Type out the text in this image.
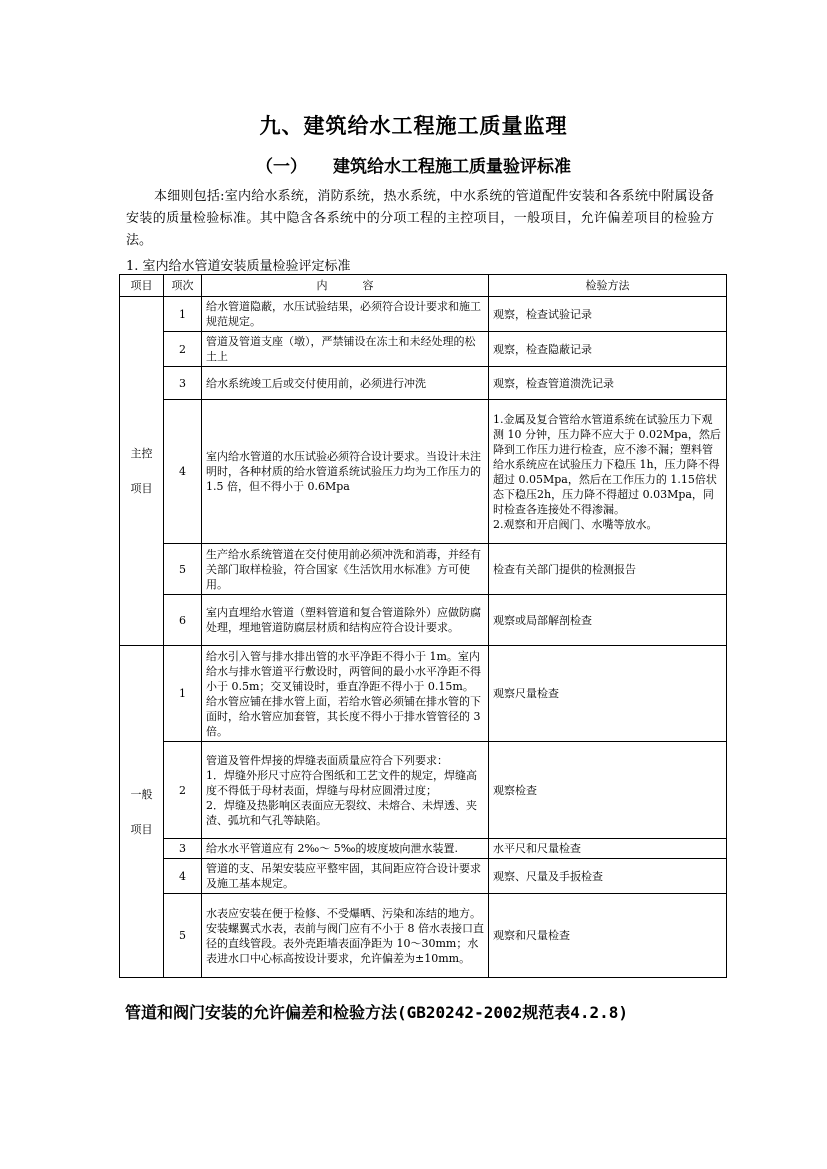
九、建筑给水工程施工质量监理
（一） 建筑给水工程施工质量验评标准
本细则包括:室内给水系统，消防系统，热水系统，中水系统的管道配件安装和各系统中附属设备安装的质量检验标准。其中隐含各系统中的分项工程的主控项目，一般项目，允许偏差项目的检验方法。
1. 室内给水管道安装质量检验评定标准
项目	项次	内          容	检验方法

主控
项目	1	给水管道隐蔽，水压试验结果，必须符合设计要求和施工规范规定。	观察，检查试验记录
	2	管道及管道支座（墩），严禁铺设在冻土和未经处理的松土上	观察，检查隐蔽记录
	3	给水系统竣工后或交付使用前，必须进行冲洗	观察，检查管道溃洗记录
	4	室内给水管道的水压试验必须符合设计要求。当设计未注明时，各种材质的给水管道系统试验压力均为工作压力的 1.5 倍，但不得小于 0.6Mpa	1.金属及复合管给水管道系统在试验压力下观测 10 分钟，压力降不应大于 0.02Mpa，然后降到工作压力进行检查，应不渗不漏；塑料管给水系统应在试验压力下稳压 1h，压力降不得超过 0.05Mpa，然后在工作压力的 1.15倍状态下稳压2h，压力降不得超过 0.03Mpa，同时检查各连接处不得渗漏。
2.观察和开启阀门、水嘴等放水。
	5	生产给水系统管道在交付使用前必须冲洗和消毒，并经有关部门取样检验，符合国家《生活饮用水标准》方可使用。	检查有关部门提供的检测报告
	6	室内直埋给水管道（塑料管道和复合管道除外）应做防腐处理，埋地管道防腐层材质和结构应符合设计要求。	观察或局部解剖检查

一般
项目	1	给水引入管与排水排出管的水平净距不得小于 1m。室内给水与排水管道平行敷设时，两管间的最小水平净距不得小于 0.5m；交叉铺设时，垂直净距不得小于 0.15m。给水管应铺在排水管上面，若给水管必须铺在排水管的下面时，给水管应加套管，其长度不得小于排水管管径的 3 倍。	观察尺量检查
	2	管道及管件焊接的焊缝表面质量应符合下列要求：
1．焊缝外形尺寸应符合图纸和工艺文件的规定，焊缝高度不得低于母材表面，焊缝与母材应圆滑过度；
2．焊缝及热影响区表面应无裂纹、未熔合、未焊透、夹渣、弧坑和气孔等缺陷。	观察检查
	3	给水水平管道应有 2‰～ 5‰的坡度坡向泄水装置.	水平尺和尺量检查
	4	管道的支、吊架安装应平整牢固，其间距应符合设计要求及施工基本规定。	观察、尺量及手扳检查
	5	水表应安装在便于检修、不受爆晒、污染和冻结的地方。安装螺翼式水表，表前与阀门应有不小于 8 倍水表接口直径的直线管段。表外壳距墙表面净距为 10～30mm；水表进水口中心标高按设计要求，允许偏差为±10mm。	观察和尺量检查
管道和阀门安装的允许偏差和检验方法(GB20242-2002规范表4.2.8)
